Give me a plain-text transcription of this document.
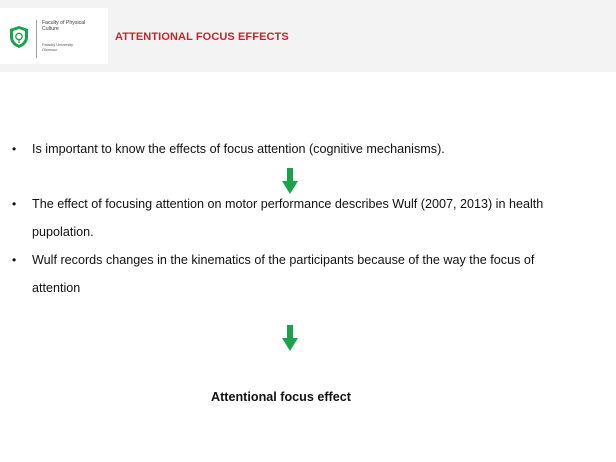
Faculty of Physical
Culture
Palacký University
Olomouc
ATTENTIONAL FOCUS EFFECTS
•	Is important to know the effects of focus attention (cognitive mechanisms).
•	The effect of focusing attention on motor performance describes Wulf (2007, 2013) in health
pupolation.
•	Wulf records changes in the kinematics of the participants because of the way the focus of
attention
Attentional focus effect
